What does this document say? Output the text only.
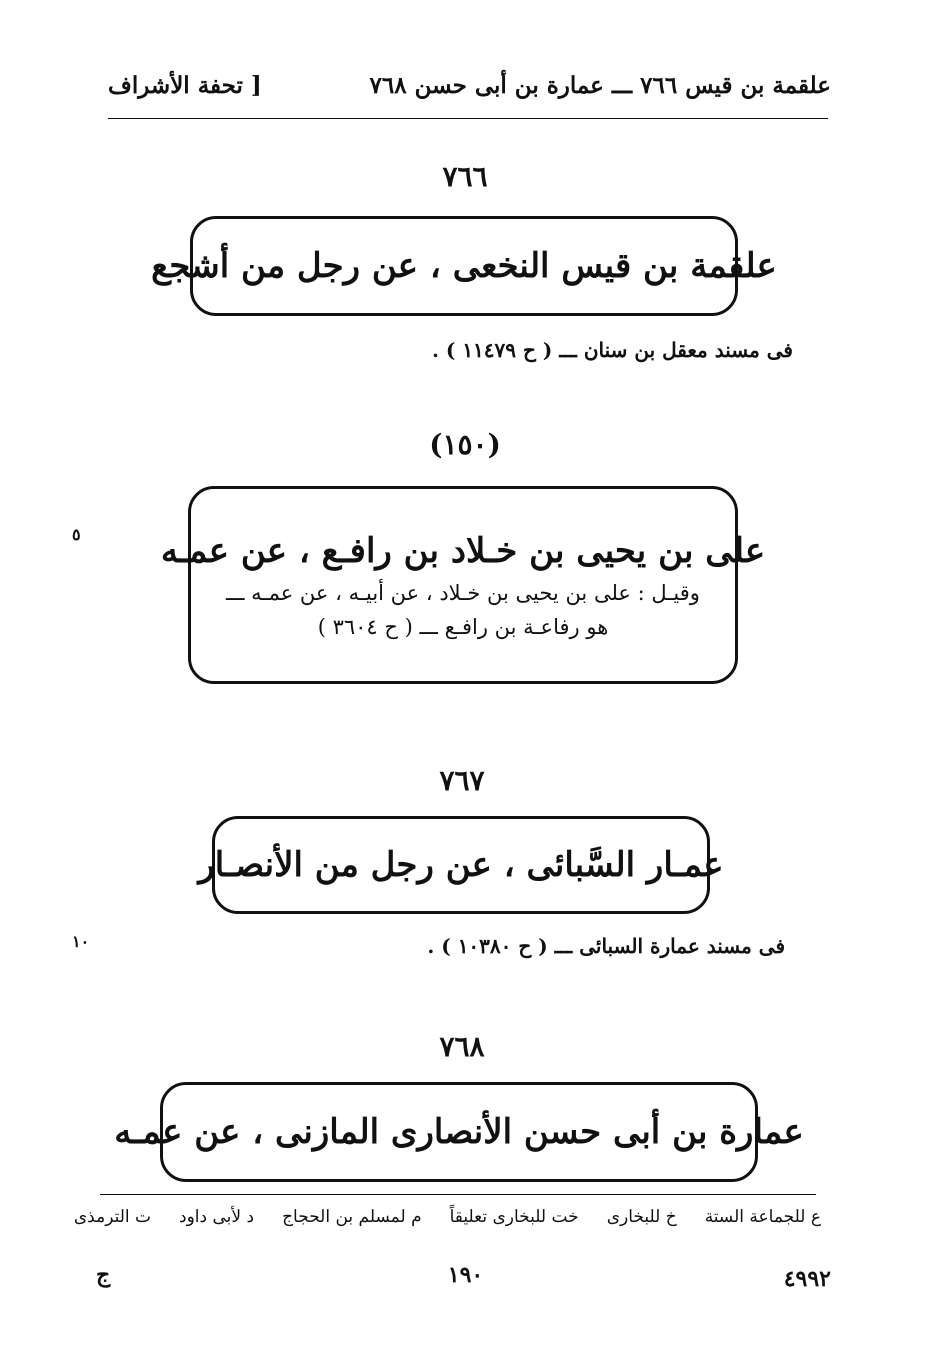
علقمة بن قيس ٧٦٦ ـــ عمارة بن أبى حسن ٧٦٨
[ تحفة الأشراف
٧٦٦
علقمة بن قيس النخعى ، عن رجل من أشجع
فى مسند معقل بن سنان ـــ ( ح ١١٤٧٩ ) .
(١٥٠)
على بن يحيى بن خـلاد بن رافـع ، عن عمـه
وقيـل : على بن يحيى بن خـلاد ، عن أبيـه ، عن عمـه ـــ
هو رفاعـة بن رافـع ـــ ( ح ٣٦٠٤ )
٥
٧٦٧
عمـار السَّبائى ، عن رجل من الأنصـار
فى مسند عمارة السبائى ـــ ( ح ١٠٣٨٠ ) .
١٠
٧٦٨
عمارة بن أبى حسن الأنصارى المازنى ، عن عمـه
ع للجماعة الستة
خ للبخارى
خت للبخارى تعليقاً
م لمسلم بن الحجاج
د لأبى داود
ت الترمذى
١٩٠	٤٩٩٢
ج
